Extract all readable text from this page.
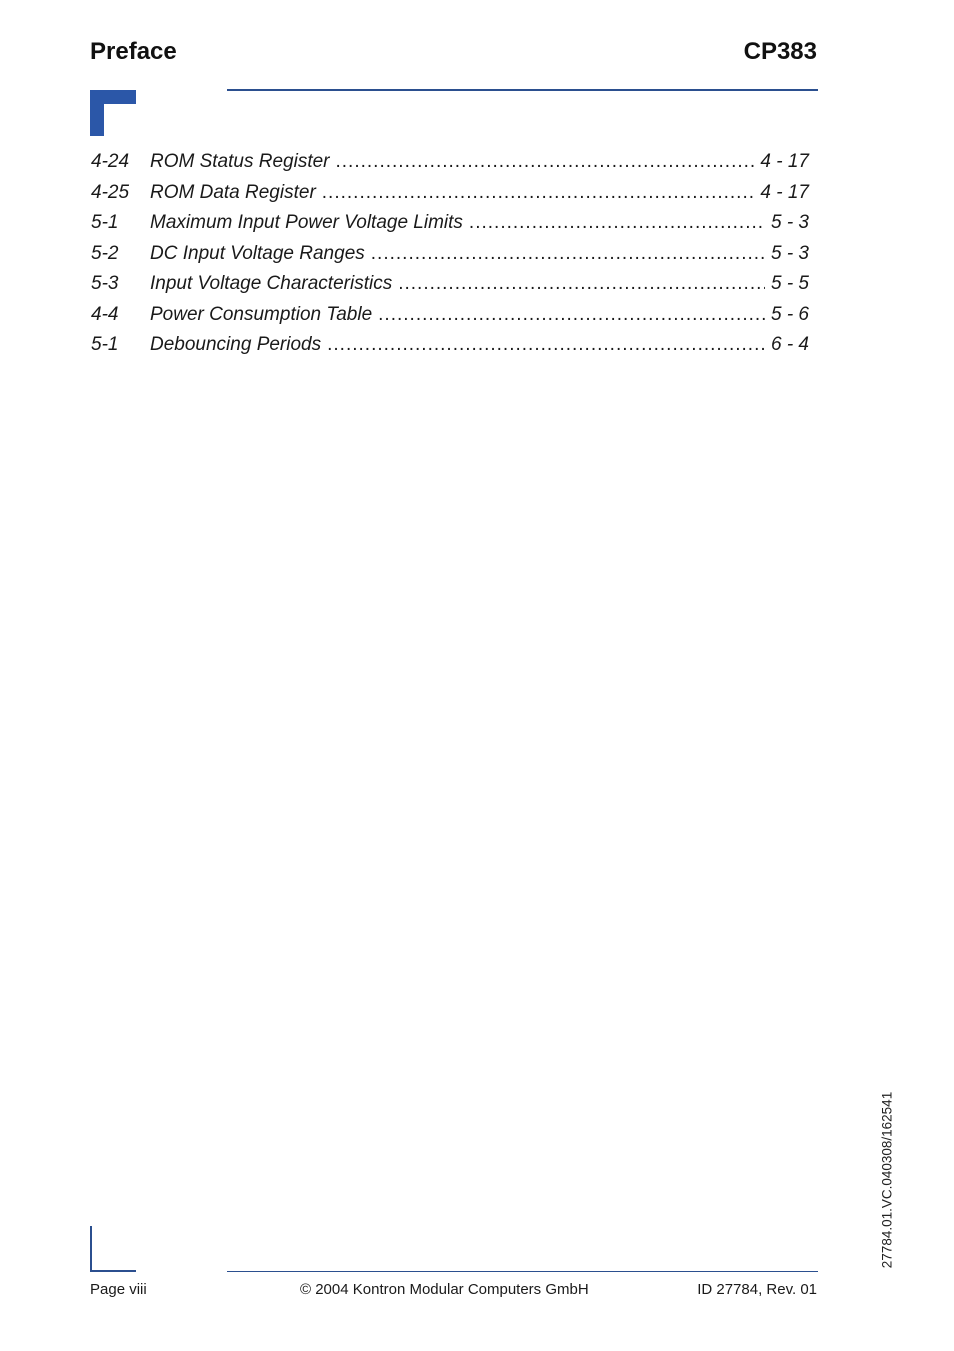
Preface	CP383
4-24	ROM Status Register .....	4 - 17
4-25	ROM Data Register .....	4 - 17
5-1	Maximum Input Power Voltage Limits .....	5 - 3
5-2	DC Input Voltage Ranges .....	5 - 3
5-3	Input Voltage Characteristics .....	5 - 5
4-4	Power Consumption Table .....	5 - 6
5-1	Debouncing Periods .....	6 - 4
27784.01.VC.040308/162541
Page viii	© 2004 Kontron Modular Computers GmbH	ID 27784, Rev. 01
